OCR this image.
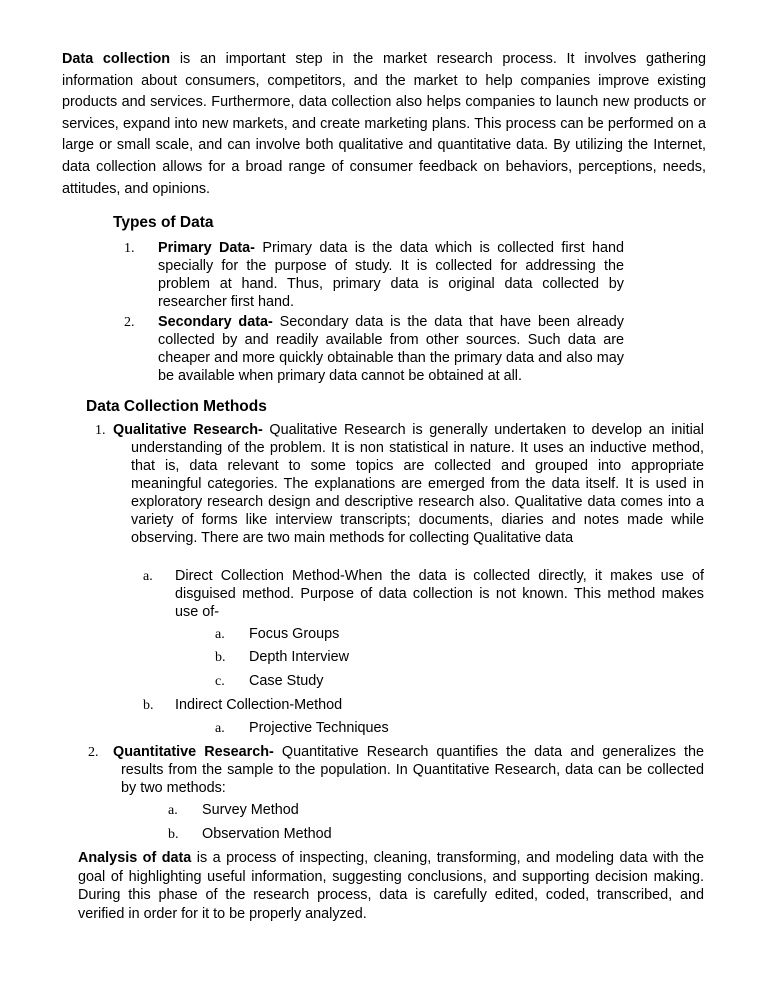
Data collection is an important step in the market research process. It involves gathering information about consumers, competitors, and the market to help companies improve existing products and services. Furthermore, data collection also helps companies to launch new products or services, expand into new markets, and create marketing plans. This process can be performed on a large or small scale, and can involve both qualitative and quantitative data. By utilizing the Internet, data collection allows for a broad range of consumer feedback on behaviors, perceptions, needs, attitudes, and opinions.

Types of Data
1. Primary Data- Primary data is the data which is collected first hand specially for the purpose of study. It is collected for addressing the problem at hand. Thus, primary data is original data collected by researcher first hand.

2. Secondary data- Secondary data is the data that have been already collected by and readily available from other sources. Such data are cheaper and more quickly obtainable than the primary data and also may be available when primary data cannot be obtained at all.

Data Collection Methods
1. Qualitative Research- Qualitative Research is generally undertaken to develop an initial understanding of the problem. It is non statistical in nature. It uses an inductive method, that is, data relevant to some topics are collected and grouped into appropriate meaningful categories. The explanations are emerged from the data itself. It is used in exploratory research design and descriptive research also. Qualitative data comes into a variety of forms like interview transcripts; documents, diaries and notes made while observing. There are two main methods for collecting Qualitative data

a. Direct Collection Method-When the data is collected directly, it makes use of disguised method. Purpose of data collection is not known. This method makes use of-

a. Focus Groups
b. Depth Interview
c. Case Study
b. Indirect Collection-Method
a. Projective Techniques
2. Quantitative Research- Quantitative Research quantifies the data and generalizes the results from the sample to the population. In Quantitative Research, data can be collected by two methods:

a. Survey Method
b. Observation Method

Analysis of data is a process of inspecting, cleaning, transforming, and modeling data with the goal of highlighting useful information, suggesting conclusions, and supporting decision making. During this phase of the research process, data is carefully edited, coded, transcribed, and verified in order for it to be properly analyzed.
